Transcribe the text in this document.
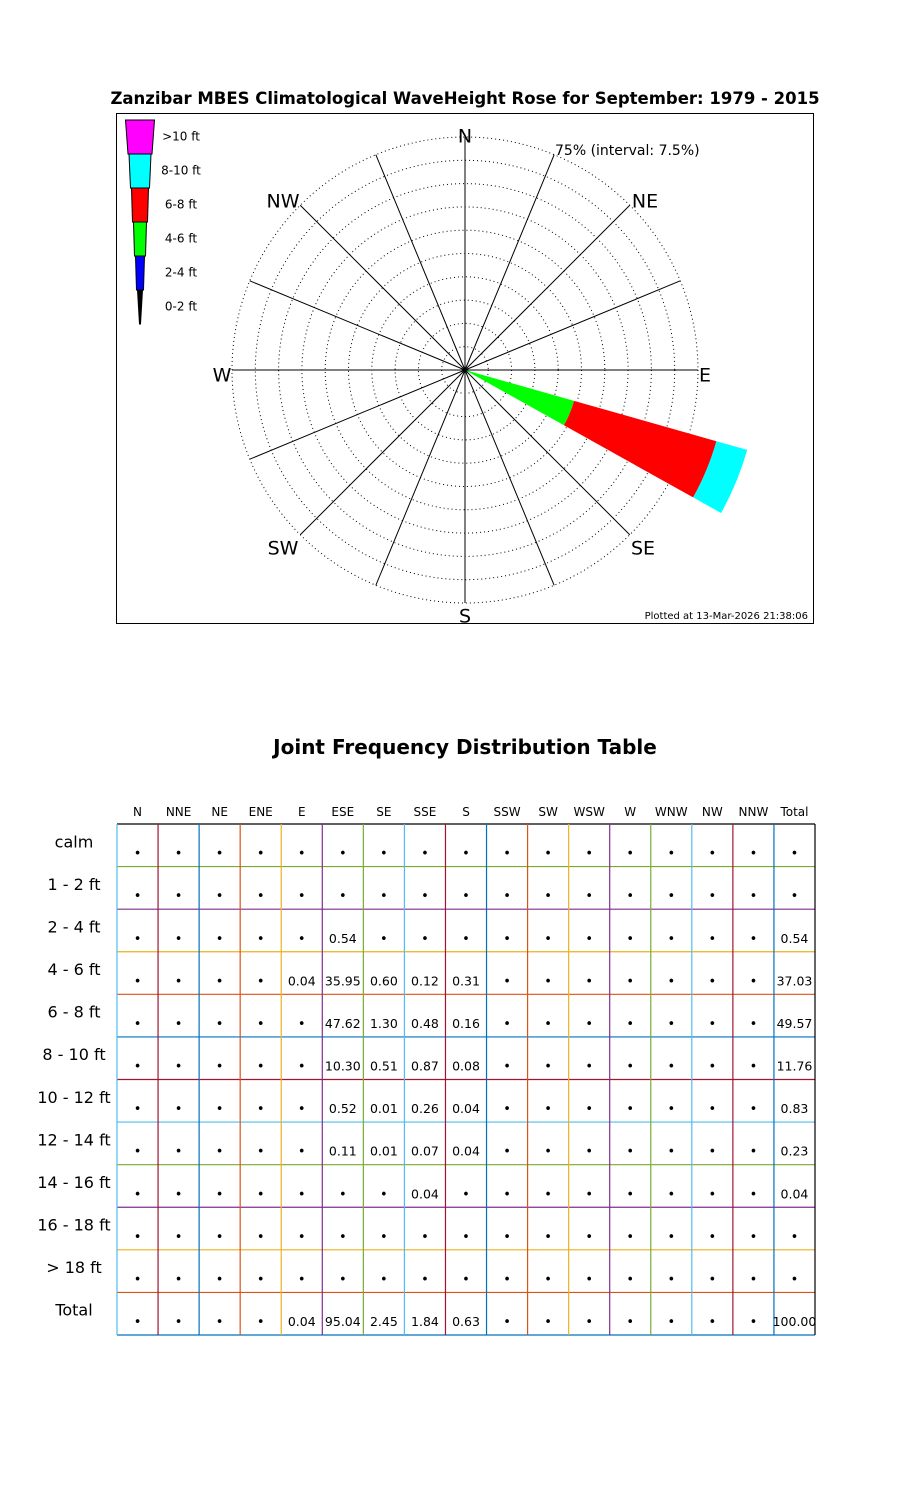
Zanzibar MBES Climatological WaveHeight Rose for September: 1979 - 2015
N
NE
E
SE
S
SW
W
NW
75% (interval: 7.5%)
>10 ft
8-10 ft
6-8 ft
4-6 ft
2-4 ft
0-2 ft
Plotted at 13-Mar-2026 21:38:06
Joint Frequency Distribution Table
N NNE NE ENE E ESE SE SSE S SSW SW WSW W WNW NW NNW Total
calm
•	•	•	•	•	•	•	•	•	•	•	•	•	•	•	•	•
1 - 2 ft
•	•	•	•	•	•	•	•	•	•	•	•	•	•	•	•	•
2 - 4 ft
•	•	•	•	• 0.54 •	•	•	•	•	•	•	•	•	• 0.54
4 - 6 ft
•	•	•	• 0.04 35.95 0.60 0.12 0.31 •	•	•	•	•	•	• 37.03
6 - 8 ft
•	•	•	•	• 47.62 1.30 0.48 0.16 •	•	•	•	•	•	• 49.57
8 - 10 ft
•	•	•	•	• 10.30 0.51 0.87 0.08 •	•	•	•	•	•	• 11.76
10 - 12 ft
•	•	•	•	• 0.52 0.01 0.26 0.04 •	•	•	•	•	•	• 0.83
12 - 14 ft
•	•	•	•	• 0.11 0.01 0.07 0.04 •	•	•	•	•	•	• 0.23
14 - 16 ft
•	•	•	•	•	•	• 0.04 •	•	•	•	•	•	•	• 0.04
16 - 18 ft
•	•	•	•	•	•	•	•	•	•	•	•	•	•	•	•	•
> 18 ft
•	•	•	•	•	•	•	•	•	•	•	•	•	•	•	•	•
Total
•	•	•	• 0.04 95.04 2.45 1.84 0.63 •	•	•	•	•	•	• 100.00
